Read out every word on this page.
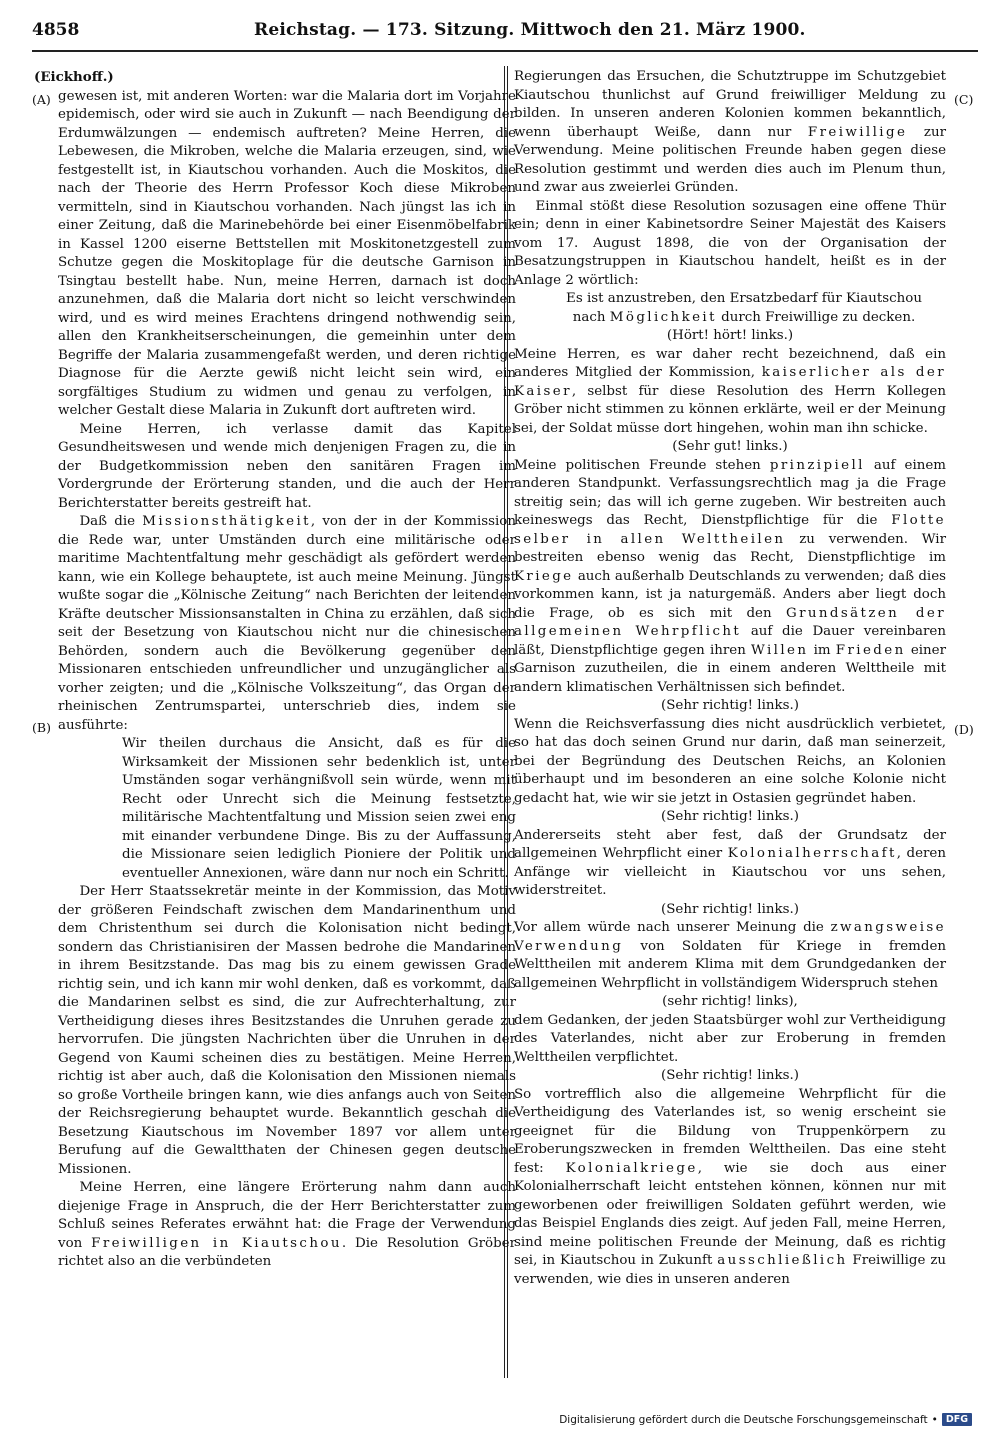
4858	Reichstag. — 173. Sitzung. Mittwoch den 21. März 1900.
(A)
(B)
(C)
(D)

(Eickhoff.)

gewesen ist, mit anderen Worten: war die Malaria dort im Vorjahre epidemisch, oder wird sie auch in Zukunft — nach Beendigung der Erdumwälzungen — endemisch auftreten? Meine Herren, die Lebewesen, die Mikroben, welche die Malaria erzeugen, sind, wie festgestellt ist, in Kiautschou vorhanden. Auch die Moskitos, die nach der Theorie des Herrn Professor Koch diese Mikroben vermitteln, sind in Kiautschou vorhanden. Nach jüngst las ich in einer Zeitung, daß die Marinebehörde bei einer Eisenmöbelfabrik in Kassel 1200 eiserne Bettstellen mit Moskitonetzgestell zum Schutze gegen die Moskitoplage für die deutsche Garnison in Tsingtau bestellt habe. Nun, meine Herren, darnach ist doch anzunehmen, daß die Malaria dort nicht so leicht verschwinden wird, und es wird meines Erachtens dringend nothwendig sein, allen den Krankheitserscheinungen, die gemeinhin unter dem Begriffe der Malaria zusammengefaßt werden, und deren richtige Diagnose für die Aerzte gewiß nicht leicht sein wird, ein sorgfältiges Studium zu widmen und genau zu verfolgen, in welcher Gestalt diese Malaria in Zukunft dort auftreten wird.

Meine Herren, ich verlasse damit das Kapitel Gesundheitswesen und wende mich denjenigen Fragen zu, die in der Budgetkommission neben den sanitären Fragen im Vordergrunde der Erörterung standen, und die auch der Herr Berichterstatter bereits gestreift hat.

Daß die Missionsthätigkeit, von der in der Kommission die Rede war, unter Umständen durch eine militärische oder maritime Machtentfaltung mehr geschädigt als gefördert werden kann, wie ein Kollege behauptete, ist auch meine Meinung. Jüngst wußte sogar die „Kölnische Zeitung“ nach Berichten der leitenden Kräfte deutscher Missionsanstalten in China zu erzählen, daß sich seit der Besetzung von Kiautschou nicht nur die chinesischen Behörden, sondern auch die Bevölkerung gegenüber den Missionaren entschieden unfreundlicher und unzugänglicher als vorher zeigten; und die „Kölnische Volkszeitung“, das Organ der rheinischen Zentrumspartei, unterschrieb dies, indem sie ausführte:

Wir theilen durchaus die Ansicht, daß es für die Wirksamkeit der Missionen sehr bedenklich ist, unter Umständen sogar verhängnißvoll sein würde, wenn mit Recht oder Unrecht sich die Meinung festsetzte, militärische Machtentfaltung und Mission seien zwei eng mit einander verbundene Dinge. Bis zu der Auffassung, die Missionare seien lediglich Pioniere der Politik und eventueller Annexionen, wäre dann nur noch ein Schritt.

Der Herr Staatssekretär meinte in der Kommission, das Motiv der größeren Feindschaft zwischen dem Mandarinenthum und dem Christenthum sei durch die Kolonisation nicht bedingt, sondern das Christianisiren der Massen bedrohe die Mandarinen in ihrem Besitzstande. Das mag bis zu einem gewissen Grade richtig sein, und ich kann mir wohl denken, daß es vorkommt, daß die Mandarinen selbst es sind, die zur Aufrechterhaltung, zur Vertheidigung dieses ihres Besitzstandes die Unruhen gerade zu hervorrufen. Die jüngsten Nachrichten über die Unruhen in der Gegend von Kaumi scheinen dies zu bestätigen. Meine Herren, richtig ist aber auch, daß die Kolonisation den Missionen niemals so große Vortheile bringen kann, wie dies anfangs auch von Seiten der Reichsregierung behauptet wurde. Bekanntlich geschah die Besetzung Kiautschous im November 1897 vor allem unter Berufung auf die Gewaltthaten der Chinesen gegen deutsche Missionen.

Meine Herren, eine längere Erörterung nahm dann auch diejenige Frage in Anspruch, die der Herr Berichterstatter zum Schluß seines Referates erwähnt hat: die Frage der Verwendung von Freiwilligen in Kiautschou. Die Resolution Gröber richtet also an die verbündeten

Regierungen das Ersuchen, die Schutztruppe im Schutzgebiet Kiautschou thunlichst auf Grund freiwilliger Meldung zu bilden. In unseren anderen Kolonien kommen bekanntlich, wenn überhaupt Weiße, dann nur Freiwillige zur Verwendung. Meine politischen Freunde haben gegen diese Resolution gestimmt und werden dies auch im Plenum thun, und zwar aus zweierlei Gründen.

Einmal stößt diese Resolution sozusagen eine offene Thür ein; denn in einer Kabinetsordre Seiner Majestät des Kaisers vom 17. August 1898, die von der Organisation der Besatzungstruppen in Kiautschou handelt, heißt es in der Anlage 2 wörtlich:

Es ist anzustreben, den Ersatzbedarf für Kiautschou nach Möglichkeit durch Freiwillige zu decken.

(Hört! hört! links.)

Meine Herren, es war daher recht bezeichnend, daß ein anderes Mitglied der Kommission, kaiserlicher als der Kaiser, selbst für diese Resolution des Herrn Kollegen Gröber nicht stimmen zu können erklärte, weil er der Meinung sei, der Soldat müsse dort hingehen, wohin man ihn schicke.

(Sehr gut! links.)

Meine politischen Freunde stehen prinzipiell auf einem anderen Standpunkt. Verfassungsrechtlich mag ja die Frage streitig sein; das will ich gerne zugeben. Wir bestreiten auch keineswegs das Recht, Dienstpflichtige für die Flotte selber in allen Welttheilen zu verwenden. Wir bestreiten ebenso wenig das Recht, Dienstpflichtige im Kriege auch außerhalb Deutschlands zu verwenden; daß dies vorkommen kann, ist ja naturgemäß. Anders aber liegt doch die Frage, ob es sich mit den Grundsätzen der allgemeinen Wehrpflicht auf die Dauer vereinbaren läßt, Dienstpflichtige gegen ihren Willen im Frieden einer Garnison zuzutheilen, die in einem anderen Welttheile mit andern klimatischen Verhältnissen sich befindet.

(Sehr richtig! links.)

Wenn die Reichsverfassung dies nicht ausdrücklich verbietet, so hat das doch seinen Grund nur darin, daß man seinerzeit, bei der Begründung des Deutschen Reichs, an Kolonien überhaupt und im besonderen an eine solche Kolonie nicht gedacht hat, wie wir sie jetzt in Ostasien gegründet haben.

(Sehr richtig! links.)

Andererseits steht aber fest, daß der Grundsatz der allgemeinen Wehrpflicht einer Kolonialherrschaft, deren Anfänge wir vielleicht in Kiautschou vor uns sehen, widerstreitet.

(Sehr richtig! links.)

Vor allem würde nach unserer Meinung die zwangsweise Verwendung von Soldaten für Kriege in fremden Welttheilen mit anderem Klima mit dem Grundgedanken der allgemeinen Wehrpflicht in vollständigem Widerspruch stehen

(sehr richtig! links),

dem Gedanken, der jeden Staatsbürger wohl zur Vertheidigung des Vaterlandes, nicht aber zur Eroberung in fremden Welttheilen verpflichtet.

(Sehr richtig! links.)

So vortrefflich also die allgemeine Wehrpflicht für die Vertheidigung des Vaterlandes ist, so wenig erscheint sie geeignet für die Bildung von Truppenkörpern zu Eroberungszwecken in fremden Welttheilen. Das eine steht fest: Kolonialkriege, wie sie doch aus einer Kolonialherrschaft leicht entstehen können, können nur mit geworbenen oder freiwilligen Soldaten geführt werden, wie das Beispiel Englands dies zeigt. Auf jeden Fall, meine Herren, sind meine politischen Freunde der Meinung, daß es richtig sei, in Kiautschou in Zukunft ausschließlich Freiwillige zu verwenden, wie dies in unseren anderen

Digitalisierung gefördert durch die Deutsche Forschungsgemeinschaft • DFG
